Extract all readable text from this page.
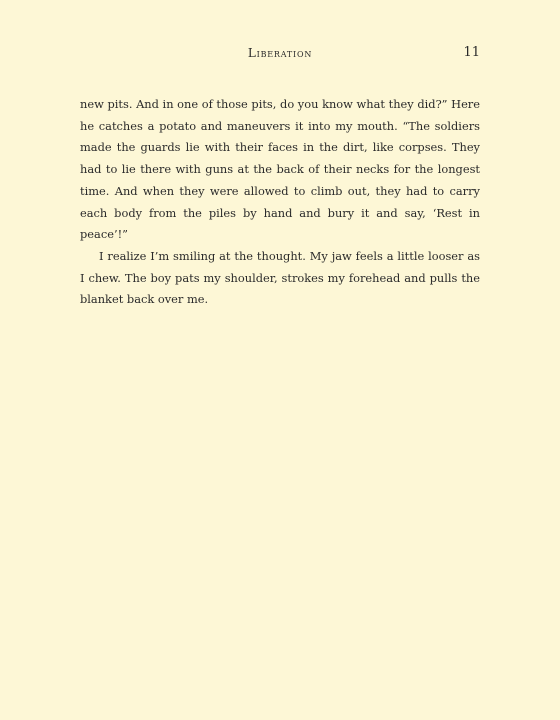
Liberation	11

new pits. And in one of those pits, do you know what they did?” Here he catches a potato and maneuvers it into my mouth. “The soldiers made the guards lie with their faces in the dirt, like corpses. They had to lie there with guns at the back of their necks for the longest time. And when they were allowed to climb out, they had to carry each body from the piles by hand and bury it and say, ‘Rest in peace’!”

I realize I’m smiling at the thought. My jaw feels a little looser as I chew. The boy pats my shoulder, strokes my forehead and pulls the blanket back over me.
